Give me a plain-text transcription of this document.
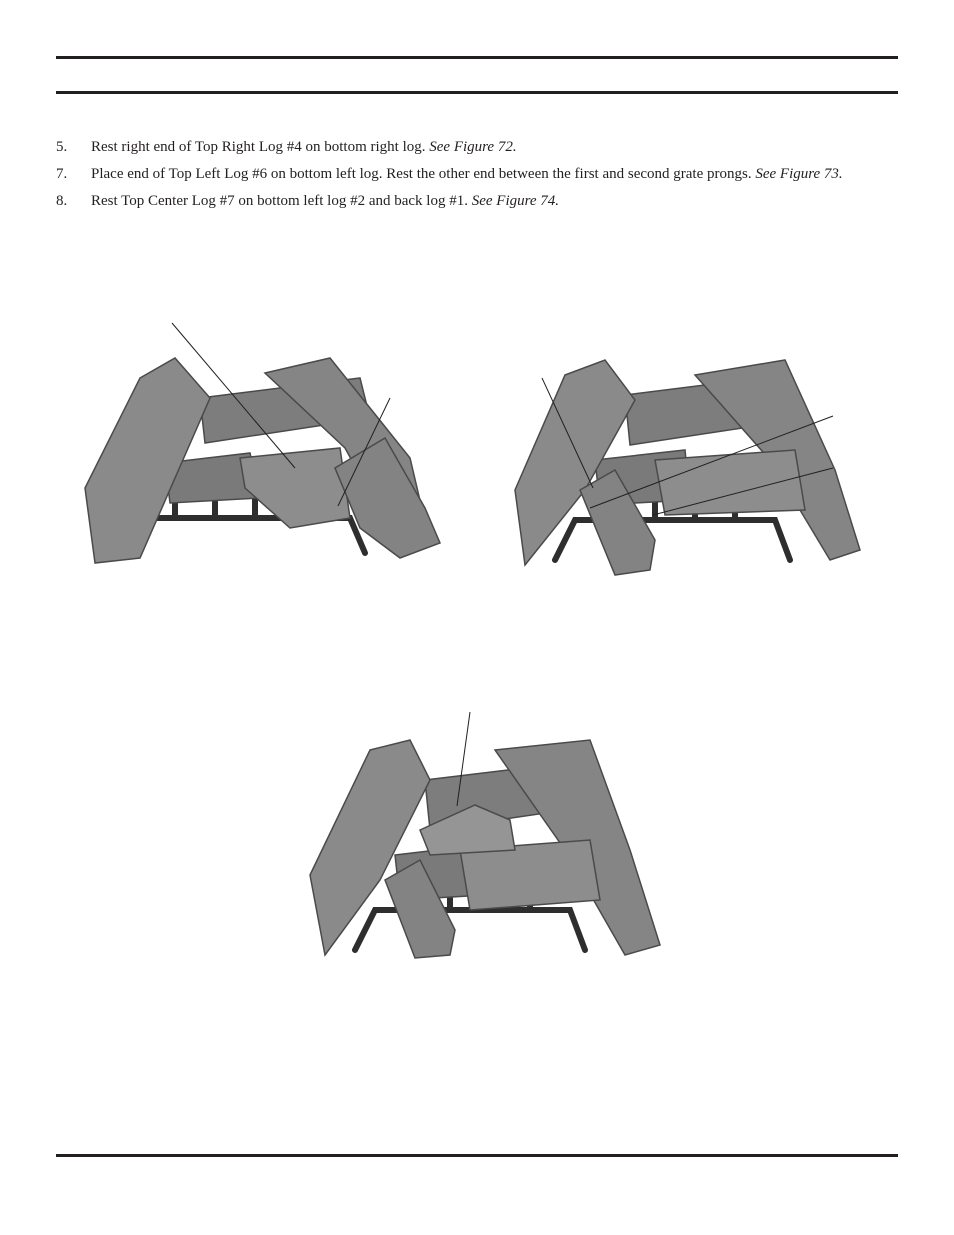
5. Rest right end of Top Right Log #4 on bottom right log. See Figure 72.
7. Place end of Top Left Log #6 on bottom left log. Rest the other end between the first and second grate prongs. See Figure 73.
8. Rest Top Center Log #7 on bottom left log #2 and back log #1. See Figure 74.
